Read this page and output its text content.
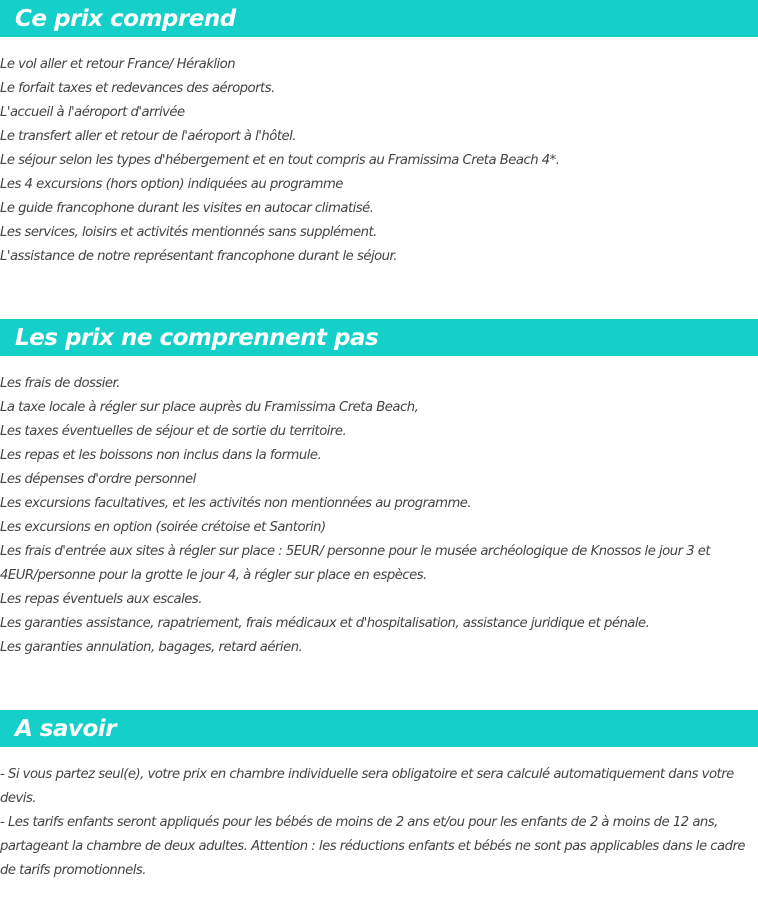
Ce prix comprend

Le vol aller et retour France/ Héraklion

Le forfait taxes et redevances des aéroports.

L'accueil à l'aéroport d'arrivée

Le transfert aller et retour de l'aéroport à l'hôtel.

Le séjour selon les types d'hébergement et en tout compris au Framissima Creta Beach 4*.

Les 4 excursions (hors option) indiquées au programme

Le guide francophone durant les visites en autocar climatisé.

Les services, loisirs et activités mentionnés sans supplément.

L'assistance de notre représentant francophone durant le séjour.

Les prix ne comprennent pas

Les frais de dossier.

La taxe locale à régler sur place auprès du Framissima Creta Beach,

Les taxes éventuelles de séjour et de sortie du territoire.

Les repas et les boissons non inclus dans la formule.

Les dépenses d'ordre personnel

Les excursions facultatives, et les activités non mentionnées au programme.

Les excursions en option (soirée crétoise et Santorin)

Les frais d'entrée aux sites à régler sur place : 5EUR/ personne pour le musée archéologique de Knossos le jour 3 et 4EUR/personne pour la grotte le jour 4, à régler sur place en espèces.

Les repas éventuels aux escales.

Les garanties assistance, rapatriement, frais médicaux et d'hospitalisation, assistance juridique et pénale.

Les garanties annulation, bagages, retard aérien.

A savoir

- Si vous partez seul(e), votre prix en chambre individuelle sera obligatoire et sera calculé automatiquement dans votre devis.

- Les tarifs enfants seront appliqués pour les bébés de moins de 2 ans et/ou pour les enfants de 2 à moins de 12 ans, partageant la chambre de deux adultes. Attention : les réductions enfants et bébés ne sont pas applicables dans le cadre de tarifs promotionnels.
